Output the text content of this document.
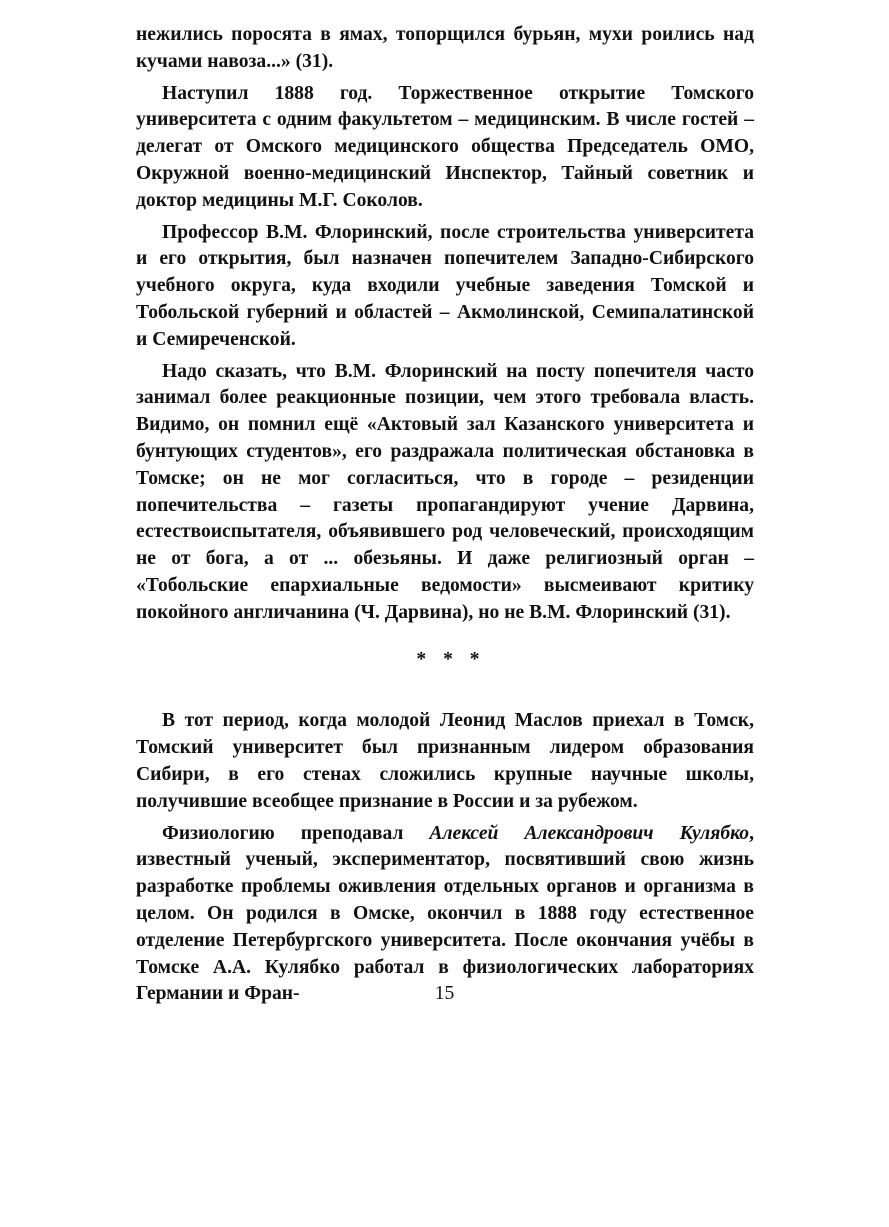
нежились поросята в ямах, топорщился бурьян, мухи роились над кучами навоза...» (31).

Наступил 1888 год. Торжественное открытие Томского университета с одним факультетом – медицинским. В числе гостей – делегат от Омского медицинского общества Председатель ОМО, Окружной военно-медицинский Инспектор, Тайный советник и доктор медицины М.Г. Соколов.

Профессор В.М. Флоринский, после строительства университета и его открытия, был назначен попечителем Западно-Сибирского учебного округа, куда входили учебные заведения Томской и Тобольской губерний и областей – Акмолинской, Семипалатинской и Семиреченской.

Надо сказать, что В.М. Флоринский на посту попечителя часто занимал более реакционные позиции, чем этого требовала власть. Видимо, он помнил ещё «Актовый зал Казанского университета и бунтующих студентов», его раздражала политическая обстановка в Томске; он не мог согласиться, что в городе – резиденции попечительства – газеты пропагандируют учение Дарвина, естествоиспытателя, объявившего род человеческий, происходящим не от бога, а от ... обезьяны. И даже религиозный орган – «Тобольские епархиальные ведомости» высмеивают критику покойного англичанина (Ч. Дарвина), но не В.М. Флоринский (31).

* * *

В тот период, когда молодой Леонид Маслов приехал в Томск, Томский университет был признанным лидером образования Сибири, в его стенах сложились крупные научные школы, получившие всеобщее признание в России и за рубежом.

Физиологию преподавал Алексей Александрович Кулябко, известный ученый, экспериментатор, посвятивший свою жизнь разработке проблемы оживления отдельных органов и организма в целом. Он родился в Омске, окончил в 1888 году естественное отделение Петербургского университета. После окончания учёбы в Томске А.А. Кулябко работал в физиологических лабораториях Германии и Фран-	15
